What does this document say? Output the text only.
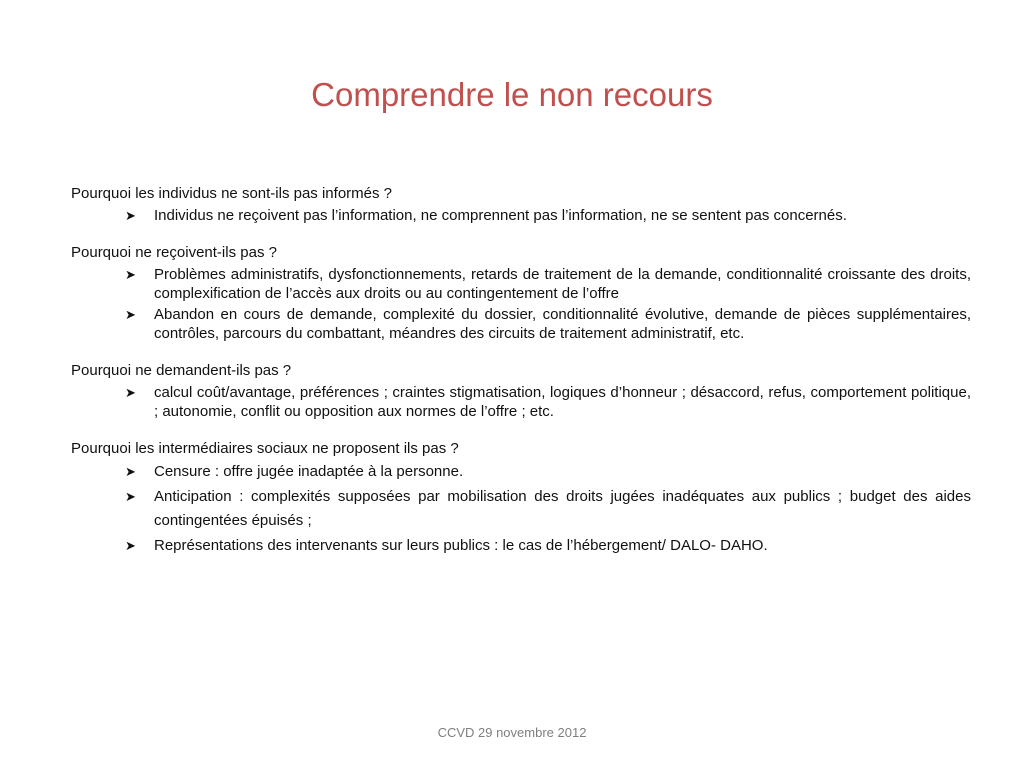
Comprendre le non recours

Pourquoi les individus ne sont-ils pas informés ?

➤	Individus ne reçoivent pas l’information, ne comprennent pas l’information, ne se sentent pas concernés.

Pourquoi ne reçoivent-ils pas ?

➤	Problèmes administratifs, dysfonctionnements, retards de traitement de la demande, conditionnalité croissante des droits, complexification de l’accès aux droits ou au contingentement de l’offre
➤	Abandon en cours de demande, complexité du dossier, conditionnalité évolutive, demande de pièces supplémentaires, contrôles, parcours du combattant, méandres des circuits de traitement administratif, etc.

Pourquoi ne demandent-ils pas ?

➤	calcul coût/avantage, préférences ; craintes stigmatisation, logiques d’honneur ; désaccord, refus, comportement politique, ; autonomie, conflit ou opposition aux normes de l’offre ; etc.

Pourquoi les intermédiaires sociaux ne proposent ils pas ?

➤	Censure : offre jugée inadaptée à la personne.
➤	Anticipation : complexités supposées par mobilisation des droits jugées inadéquates aux publics ; budget des aides contingentées épuisés ;
➤	Représentations des intervenants sur leurs publics : le cas de l’hébergement/ DALO- DAHO.
CCVD 29 novembre 2012
